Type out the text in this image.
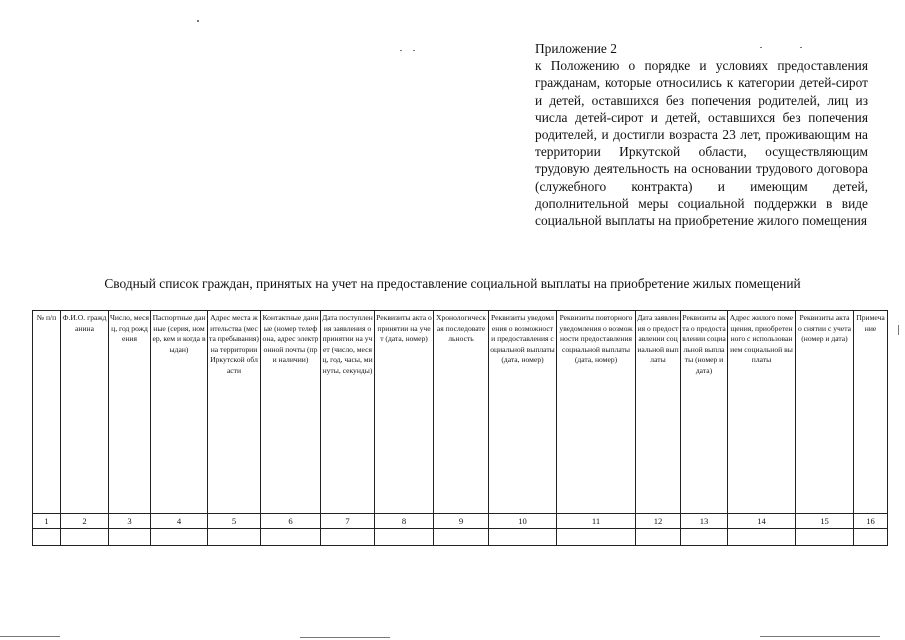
Приложение 2
к Положению о порядке и условиях предоставления гражданам, которые относились к категории детей-сирот и детей, оставшихся без попечения родителей, лиц из числа детей-сирот и детей, оставшихся без попечения родителей, и достигли возраста 23 лет, проживающим на территории Иркутской области, осуществляющим трудовую деятельность на основании трудового договора (служебного контракта) и имеющим детей, дополнительной меры социальной поддержки в виде социальной выплаты на приобретение жилого помещения
Сводный список граждан, принятых на учет на предоставление социальной выплаты на приобретение жилых помещений
№ п/п	Ф.И.О. гражданина	Число, месяц, год рождения	Паспортные данные (серия, номер, кем и когда выдан)	Адрес места жительства (места пребывания) на территории Иркутской области	Контактные данные (номер телефона, адрес электронной почты (при наличии)	Дата поступления заявления о принятии на учет (число, месяц, год, часы, минуты, секунды)	Реквизиты акта о принятии на учет (дата, номер)	Хронологическая последовательность	Реквизиты уведомления о возможности предоставления социальной выплаты (дата, номер)	Реквизиты повторного уведомления о возможности предоставления социальной выплаты (дата, номер)	Дата заявления о предоставлении социальной выплаты	Реквизиты акта о предоставлении социальной выплаты (номер и дата)	Адрес жилого помещения, приобретенного с использованием социальной выплаты	Реквизиты акта о снятии с учета (номер и дата)	Примечание
1	2	3	4	5	6	7	8	9	10	11	12	13	14	15	16
